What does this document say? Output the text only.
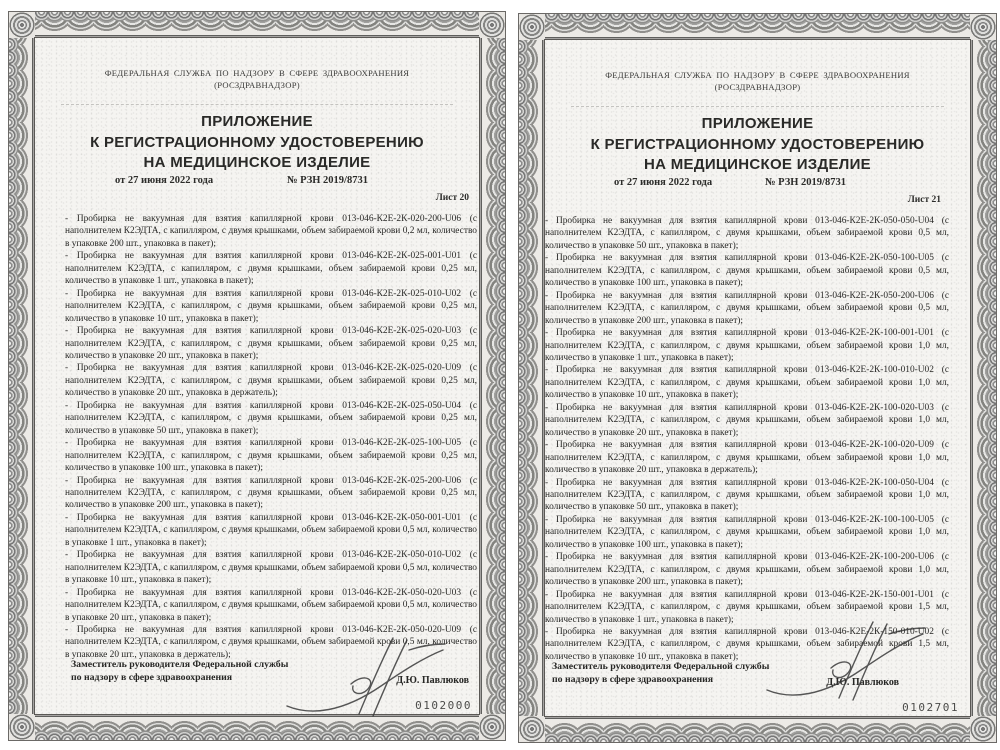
ФЕДЕРАЛЬНАЯ СЛУЖБА ПО НАДЗОРУ В СФЕРЕ ЗДРАВООХРАНЕНИЯ
(РОСЗДРАВНАДЗОР)
ПРИЛОЖЕНИЕ
К РЕГИСТРАЦИОННОМУ УДОСТОВЕРЕНИЮ
НА МЕДИЦИНСКОЕ ИЗДЕЛИЕ
от 27 июня 2022 года	№ РЗН 2019/8731
Лист 20

- Пробирка не вакуумная для взятия капиллярной крови 013-046-К2Е-2К-020-200-U06 (с наполнителем К2ЭДТА, с капилляром, с двумя крышками, объем забираемой крови 0,2 мл, количество в упаковке 200 шт., упаковка в пакет);

- Пробирка не вакуумная для взятия капиллярной крови 013-046-К2Е-2К-025-001-U01 (с наполнителем К2ЭДТА, с капилляром, с двумя крышками, объем забираемой крови 0,25 мл, количество в упаковке 1 шт., упаковка в пакет);

- Пробирка не вакуумная для взятия капиллярной крови 013-046-К2Е-2К-025-010-U02 (с наполнителем К2ЭДТА, с капилляром, с двумя крышками, объем забираемой крови 0,25 мл, количество в упаковке 10 шт., упаковка в пакет);

- Пробирка не вакуумная для взятия капиллярной крови 013-046-К2Е-2К-025-020-U03 (с наполнителем К2ЭДТА, с капилляром, с двумя крышками, объем забираемой крови 0,25 мл, количество в упаковке 20 шт., упаковка в пакет);

- Пробирка не вакуумная для взятия капиллярной крови 013-046-К2Е-2К-025-020-U09 (с наполнителем К2ЭДТА, с капилляром, с двумя крышками, объем забираемой крови 0,25 мл, количество в упаковке 20 шт., упаковка в держатель);

- Пробирка не вакуумная для взятия капиллярной крови 013-046-К2Е-2К-025-050-U04 (с наполнителем К2ЭДТА, с капилляром, с двумя крышками, объем забираемой крови 0,25 мл, количество в упаковке 50 шт., упаковка в пакет);

- Пробирка не вакуумная для взятия капиллярной крови 013-046-К2Е-2К-025-100-U05 (с наполнителем К2ЭДТА, с капилляром, с двумя крышками, объем забираемой крови 0,25 мл, количество в упаковке 100 шт., упаковка в пакет);

- Пробирка не вакуумная для взятия капиллярной крови 013-046-К2Е-2К-025-200-U06 (с наполнителем К2ЭДТА, с капилляром, с двумя крышками, объем забираемой крови 0,25 мл, количество в упаковке 200 шт., упаковка в пакет);

- Пробирка не вакуумная для взятия капиллярной крови 013-046-К2Е-2К-050-001-U01 (с наполнителем К2ЭДТА, с капилляром, с двумя крышками, объем забираемой крови 0,5 мл, количество в упаковке 1 шт., упаковка в пакет);

- Пробирка не вакуумная для взятия капиллярной крови 013-046-К2Е-2К-050-010-U02 (с наполнителем К2ЭДТА, с капилляром, с двумя крышками, объем забираемой крови 0,5 мл, количество в упаковке 10 шт., упаковка в пакет);

- Пробирка не вакуумная для взятия капиллярной крови 013-046-К2Е-2К-050-020-U03 (с наполнителем К2ЭДТА, с капилляром, с двумя крышками, объем забираемой крови 0,5 мл, количество в упаковке 20 шт., упаковка в пакет);

- Пробирка не вакуумная для взятия капиллярной крови 013-046-К2Е-2К-050-020-U09 (с наполнителем К2ЭДТА, с капилляром, с двумя крышками, объем забираемой крови 0,5 мл, количество в упаковке 20 шт., упаковка в держатель);

Заместитель руководителя Федеральной службы
по надзору в сфере здравоохранения	Д.Ю. Павлюков
0102000
ФЕДЕРАЛЬНАЯ СЛУЖБА ПО НАДЗОРУ В СФЕРЕ ЗДРАВООХРАНЕНИЯ
(РОСЗДРАВНАДЗОР)
ПРИЛОЖЕНИЕ
К РЕГИСТРАЦИОННОМУ УДОСТОВЕРЕНИЮ
НА МЕДИЦИНСКОЕ ИЗДЕЛИЕ
от 27 июня 2022 года	№ РЗН 2019/8731
Лист 21

- Пробирка не вакуумная для взятия капиллярной крови 013-046-К2Е-2К-050-050-U04 (с наполнителем К2ЭДТА, с капилляром, с двумя крышками, объем забираемой крови 0,5 мл, количество в упаковке 50 шт., упаковка в пакет);

- Пробирка не вакуумная для взятия капиллярной крови 013-046-К2Е-2К-050-100-U05 (с наполнителем К2ЭДТА, с капилляром, с двумя крышками, объем забираемой крови 0,5 мл, количество в упаковке 100 шт., упаковка в пакет);

- Пробирка не вакуумная для взятия капиллярной крови 013-046-К2Е-2К-050-200-U06 (с наполнителем К2ЭДТА, с капилляром, с двумя крышками, объем забираемой крови 0,5 мл, количество в упаковке 200 шт., упаковка в пакет);

- Пробирка не вакуумная для взятия капиллярной крови 013-046-К2Е-2К-100-001-U01 (с наполнителем К2ЭДТА, с капилляром, с двумя крышками, объем забираемой крови 1,0 мл, количество в упаковке 1 шт., упаковка в пакет);

- Пробирка не вакуумная для взятия капиллярной крови 013-046-К2Е-2К-100-010-U02 (с наполнителем К2ЭДТА, с капилляром, с двумя крышками, объем забираемой крови 1,0 мл, количество в упаковке 10 шт., упаковка в пакет);

- Пробирка не вакуумная для взятия капиллярной крови 013-046-К2Е-2К-100-020-U03 (с наполнителем К2ЭДТА, с капилляром, с двумя крышками, объем забираемой крови 1,0 мл, количество в упаковке 20 шт., упаковка в пакет);

- Пробирка не вакуумная для взятия капиллярной крови 013-046-К2Е-2К-100-020-U09 (с наполнителем К2ЭДТА, с капилляром, с двумя крышками, объем забираемой крови 1,0 мл, количество в упаковке 20 шт., упаковка в держатель);

- Пробирка не вакуумная для взятия капиллярной крови 013-046-К2Е-2К-100-050-U04 (с наполнителем К2ЭДТА, с капилляром, с двумя крышками, объем забираемой крови 1,0 мл, количество в упаковке 50 шт., упаковка в пакет);

- Пробирка не вакуумная для взятия капиллярной крови 013-046-К2Е-2К-100-100-U05 (с наполнителем К2ЭДТА, с капилляром, с двумя крышками, объем забираемой крови 1,0 мл, количество в упаковке 100 шт., упаковка в пакет);

- Пробирка не вакуумная для взятия капиллярной крови 013-046-К2Е-2К-100-200-U06 (с наполнителем К2ЭДТА, с капилляром, с двумя крышками, объем забираемой крови 1,0 мл, количество в упаковке 200 шт., упаковка в пакет);

- Пробирка не вакуумная для взятия капиллярной крови 013-046-К2Е-2К-150-001-U01 (с наполнителем К2ЭДТА, с капилляром, с двумя крышками, объем забираемой крови 1,5 мл, количество в упаковке 1 шт., упаковка в пакет);

- Пробирка не вакуумная для взятия капиллярной крови 013-046-К2Е-2К-150-010-U02 (с наполнителем К2ЭДТА, с капилляром, с двумя крышками, объем забираемой крови 1,5 мл, количество в упаковке 10 шт., упаковка в пакет);

Заместитель руководителя Федеральной службы
по надзору в сфере здравоохранения	Д.Ю. Павлюков
0102701
